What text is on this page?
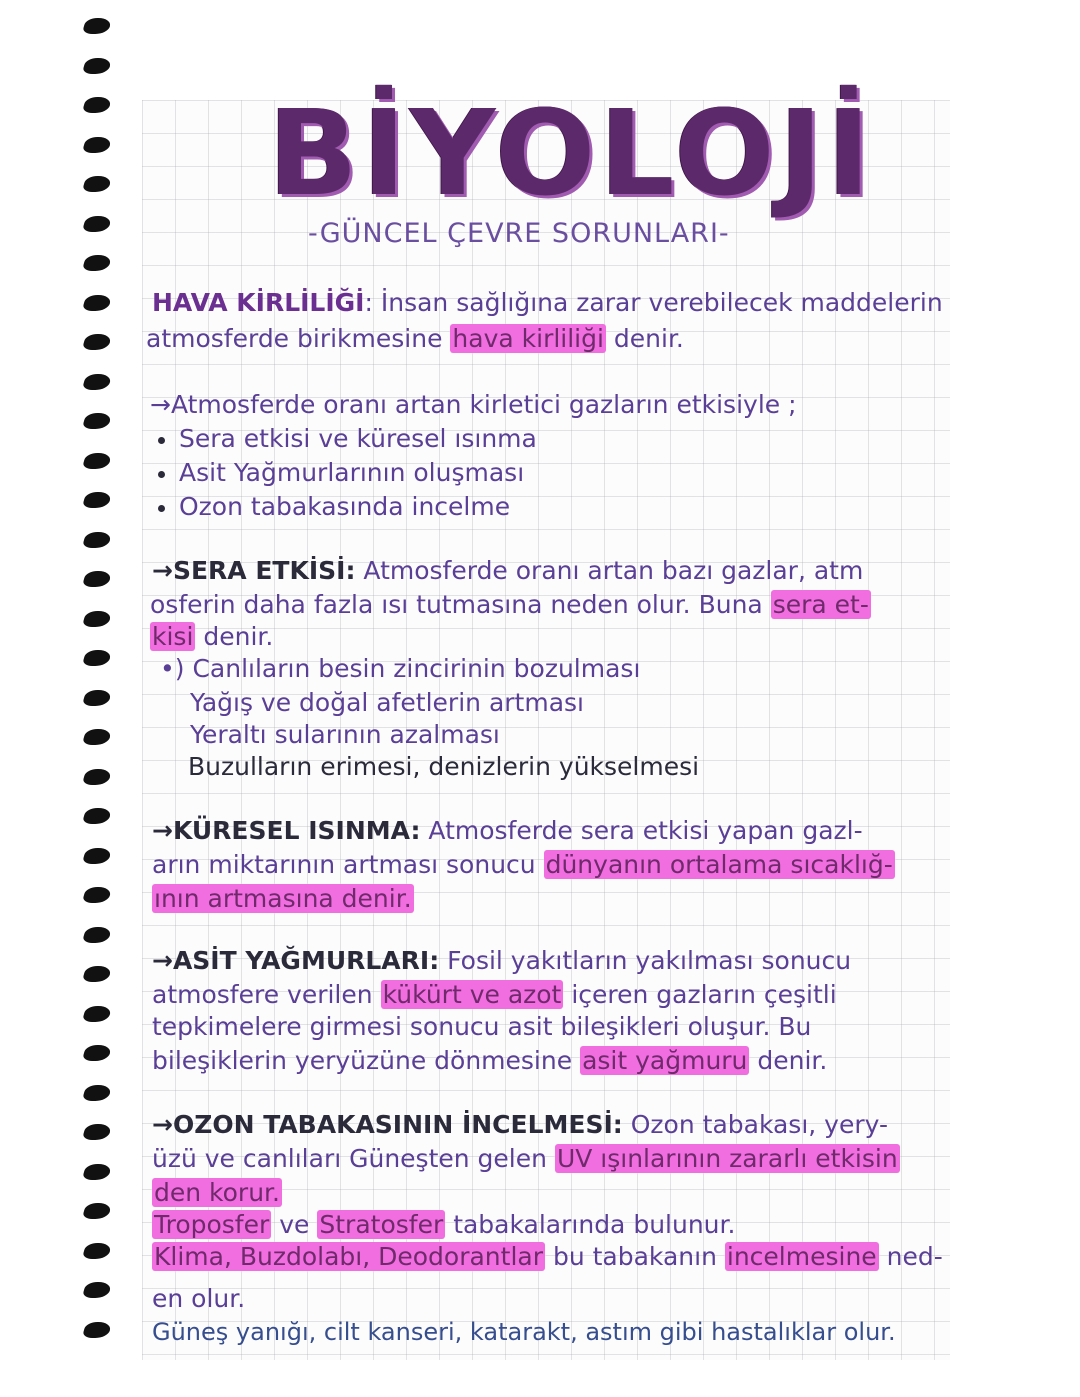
BİYOLOJİ
-GÜNCEL ÇEVRE SORUNLARI-
HAVA KİRLİLİĞİ: İnsan sağlığına zarar verebilecek maddelerin
atmosferde birikmesine hava kirliliği denir.
→Atmosferde oranı artan kirletici gazların etkisiyle ;
Sera etkisi ve küresel ısınma
Asit Yağmurlarının oluşması
Ozon tabakasında incelme
→SERA ETKİSİ: Atmosferde oranı artan bazı gazlar, atm
osferin daha fazla ısı tutmasına neden olur. Buna sera et-
kisi denir.
•) Canlıların besin zincirinin bozulması
Yağış ve doğal afetlerin artması
Yeraltı sularının azalması
Buzulların erimesi, denizlerin yükselmesi
→KÜRESEL ISINMA: Atmosferde sera etkisi yapan gazl-
arın miktarının artması sonucu dünyanın ortalama sıcaklığ-
ının artmasına denir.
→ASİT YAĞMURLARI: Fosil yakıtların yakılması sonucu
atmosfere verilen kükürt ve azot içeren gazların çeşitli
tepkimelere girmesi sonucu asit bileşikleri oluşur. Bu
bileşiklerin yeryüzüne dönmesine asit yağmuru denir.
→OZON TABAKASININ İNCELMESİ: Ozon tabakası, yery-
üzü ve canlıları Güneşten gelen UV ışınlarının zararlı etkisin
den korur.
Troposfer ve Stratosfer tabakalarında bulunur.
Klima, Buzdolabı, Deodorantlar bu tabakanın incelmesine ned-
en olur.
Güneş yanığı, cilt kanseri, katarakt, astım gibi hastalıklar olur.
